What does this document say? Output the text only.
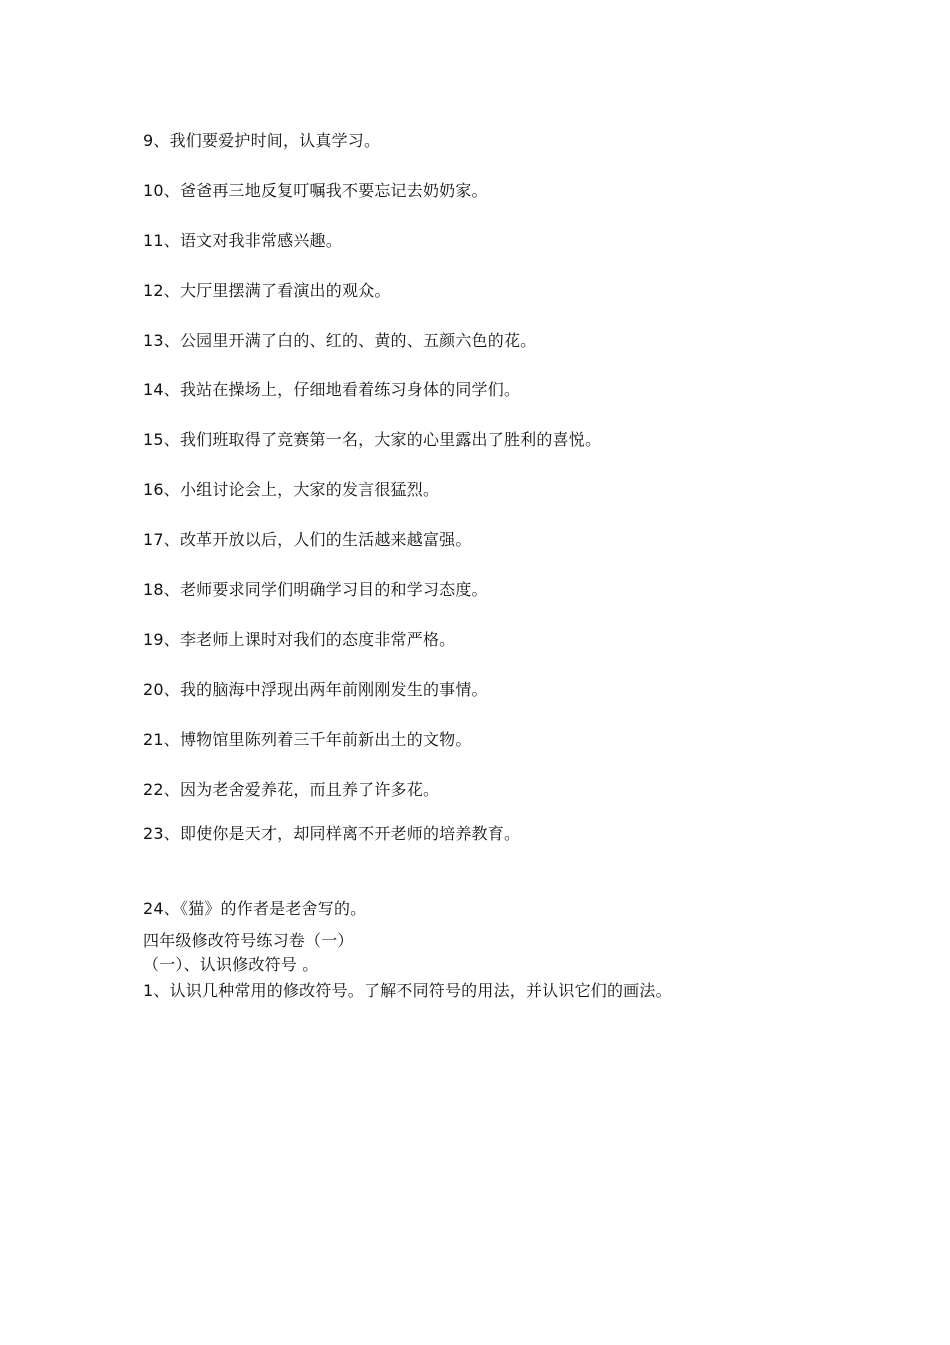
9、我们要爱护时间，认真学习。
10、爸爸再三地反复叮嘱我不要忘记去奶奶家。
11、语文对我非常感兴趣。
12、大厅里摆满了看演出的观众。
13、公园里开满了白的、红的、黄的、五颜六色的花。
14、我站在操场上，仔细地看着练习身体的同学们。
15、我们班取得了竞赛第一名，大家的心里露出了胜利的喜悦。
16、小组讨论会上，大家的发言很猛烈。
17、改革开放以后，人们的生活越来越富强。
18、老师要求同学们明确学习目的和学习态度。
19、李老师上课时对我们的态度非常严格。
20、我的脑海中浮现出两年前刚刚发生的事情。
21、博物馆里陈列着三千年前新出土的文物。
22、因为老舍爱养花，而且养了许多花。
23、即使你是天才，却同样离不开老师的培养教育。
24、《猫》的作者是老舍写的。
四年级修改符号练习卷（一）
（一）、认识修改符号 。
1、认识几种常用的修改符号。了解不同符号的用法，并认识它们的画法。
